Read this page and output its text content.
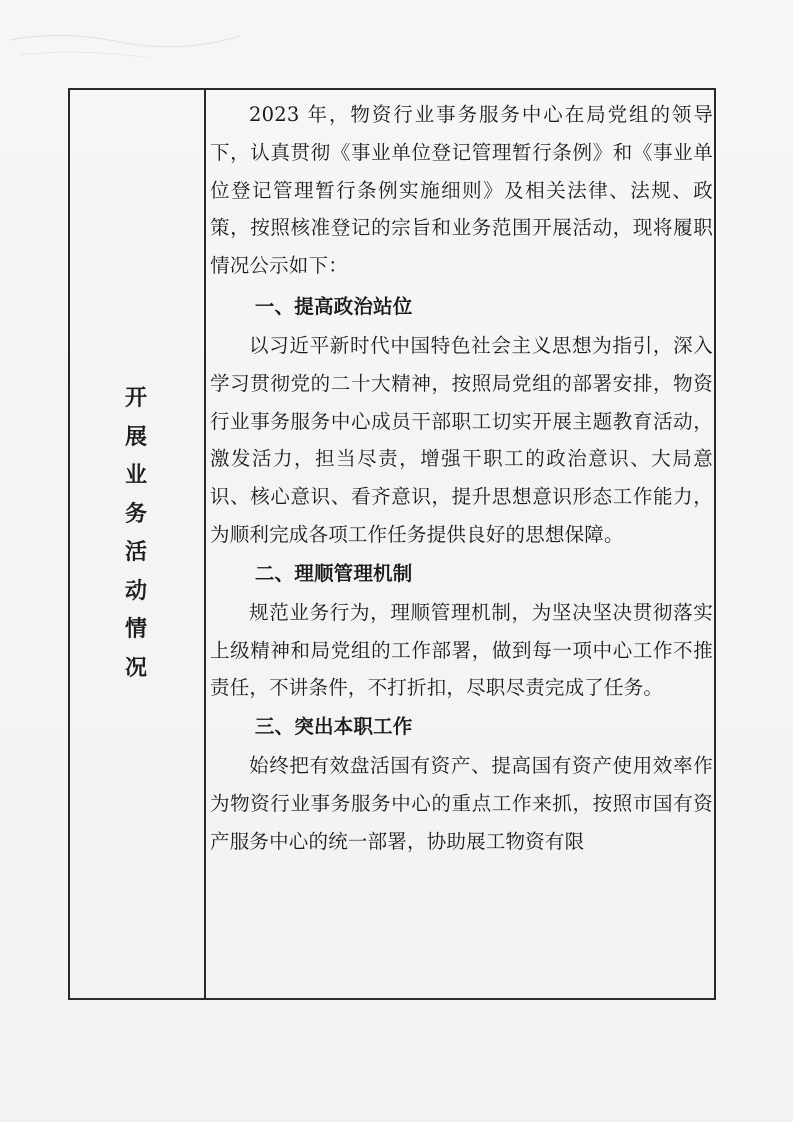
开
展
业
务
活
动
情
况

2023 年，物资行业事务服务中心在局党组的领导下，认真贯彻《事业单位登记管理暂行条例》和《事业单位登记管理暂行条例实施细则》及相关法律、法规、政策，按照核准登记的宗旨和业务范围开展活动，现将履职情况公示如下：

一、提高政治站位

以习近平新时代中国特色社会主义思想为指引，深入学习贯彻党的二十大精神，按照局党组的部署安排，物资行业事务服务中心成员干部职工切实开展主题教育活动，激发活力，担当尽责，增强干职工的政治意识、大局意识、核心意识、看齐意识，提升思想意识形态工作能力，为顺利完成各项工作任务提供良好的思想保障。

二、理顺管理机制

规范业务行为，理顺管理机制，为坚决坚决贯彻落实上级精神和局党组的工作部署，做到每一项中心工作不推责任，不讲条件，不打折扣，尽职尽责完成了任务。

三、突出本职工作

始终把有效盘活国有资产、提高国有资产使用效率作为物资行业事务服务中心的重点工作来抓，按照市国有资产服务中心的统一部署，协助展工物资有限
